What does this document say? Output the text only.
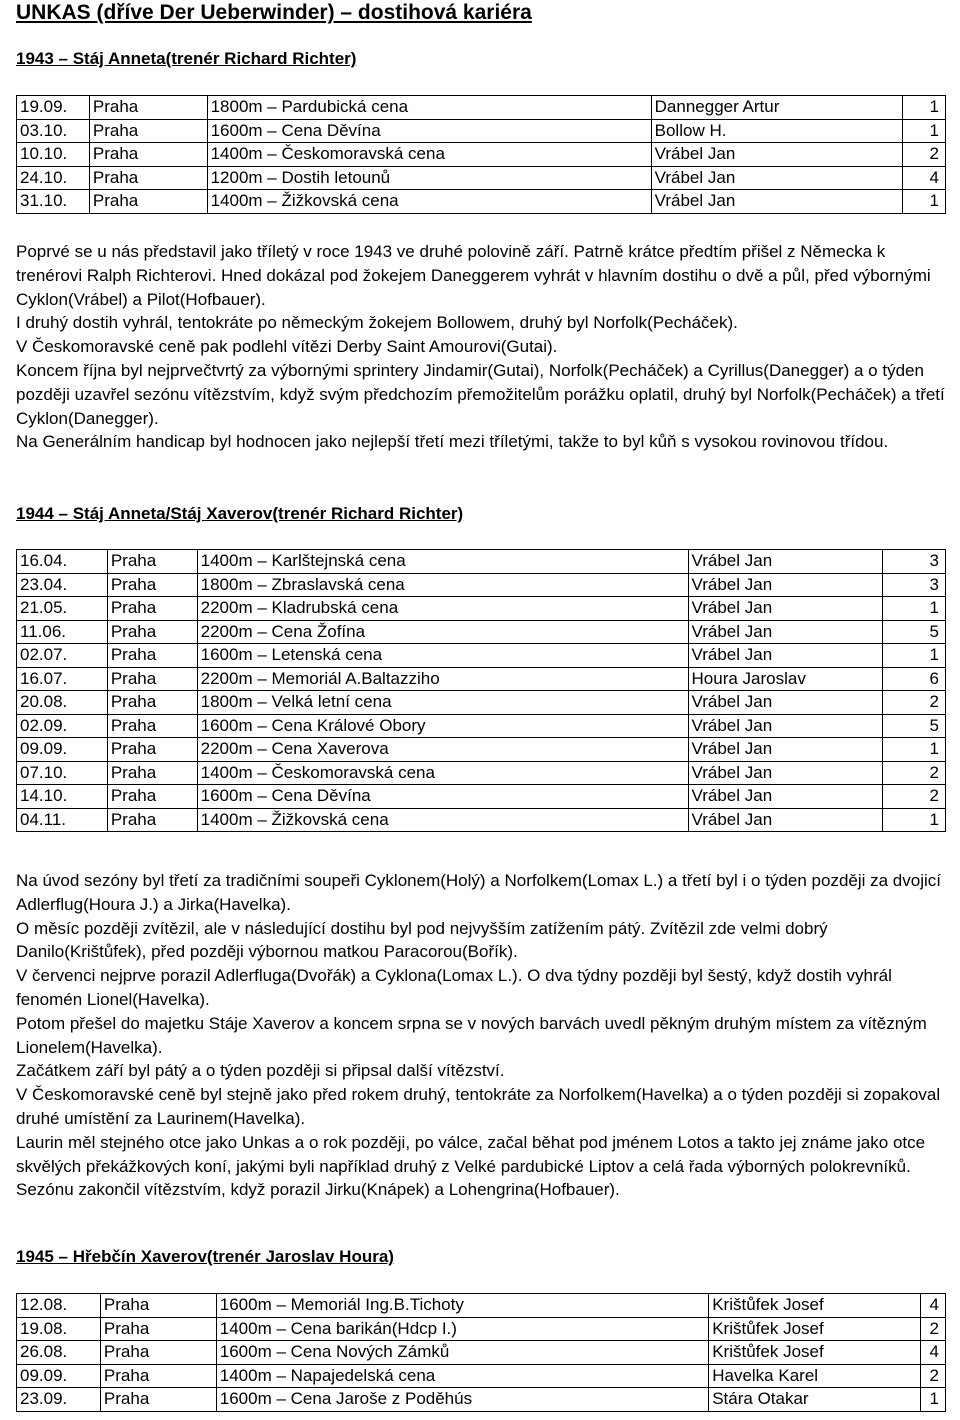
UNKAS (dříve Der Ueberwinder) – dostihová kariéra
1943 – Stáj Anneta(trenér Richard Richter)
19.09.	Praha	1800m – Pardubická cena	Dannegger Artur	1
03.10.	Praha	1600m – Cena Děvína	Bollow H.	1
10.10.	Praha	1400m – Českomoravská cena	Vrábel Jan	2
24.10.	Praha	1200m – Dostih letounů	Vrábel Jan	4
31.10.	Praha	1400m – Žižkovská cena	Vrábel Jan	1

Poprvé se u nás představil jako tříletý v roce 1943 ve druhé polovině září. Patrně krátce předtím přišel z Německa k trenérovi Ralph Richterovi. Hned dokázal pod žokejem Daneggerem vyhrát v hlavním dostihu o dvě a půl, před výbornými Cyklon(Vrábel) a Pilot(Hofbauer).

I druhý dostih vyhrál, tentokráte po německým žokejem Bollowem, druhý byl Norfolk(Pecháček).

V Českomoravské ceně pak podlehl vítězi Derby Saint Amourovi(Gutai).

Koncem října byl nejprvečtvrtý za výbornými sprintery Jindamir(Gutai), Norfolk(Pecháček) a Cyrillus(Danegger) a o týden později uzavřel sezónu vítězstvím, když svým předchozím přemožitelům porážku oplatil, druhý byl Norfolk(Pecháček) a třetí Cyklon(Danegger).

Na Generálním handicap byl hodnocen jako nejlepší třetí mezi tříletými, takže to byl kůň s vysokou rovinovou třídou.

1944 – Stáj Anneta/Stáj Xaverov(trenér Richard Richter)
16.04.	Praha	1400m – Karlštejnská cena	Vrábel Jan	3
23.04.	Praha	1800m – Zbraslavská cena	Vrábel Jan	3
21.05.	Praha	2200m – Kladrubská cena	Vrábel Jan	1
11.06.	Praha	2200m – Cena Žofína	Vrábel Jan	5
02.07.	Praha	1600m – Letenská cena	Vrábel Jan	1
16.07.	Praha	2200m – Memoriál A.Baltazziho	Houra Jaroslav	6
20.08.	Praha	1800m – Velká letní cena	Vrábel Jan	2
02.09.	Praha	1600m – Cena Králové Obory	Vrábel Jan	5
09.09.	Praha	2200m – Cena Xaverova	Vrábel Jan	1
07.10.	Praha	1400m – Českomoravská cena	Vrábel Jan	2
14.10.	Praha	1600m – Cena Děvína	Vrábel Jan	2
04.11.	Praha	1400m – Žižkovská cena	Vrábel Jan	1

Na úvod sezóny byl třetí za tradičními soupeři Cyklonem(Holý) a Norfolkem(Lomax L.) a třetí byl i o týden později za dvojicí Adlerflug(Houra J.) a Jirka(Havelka).

O měsíc později zvítězil, ale v následující dostihu byl pod nejvyšším zatížením pátý. Zvítězil zde velmi dobrý Danilo(Krištůfek), před později výbornou matkou Paracorou(Bořík).

V červenci nejprve porazil Adlerfluga(Dvořák) a Cyklona(Lomax L.). O dva týdny později byl šestý, když dostih vyhrál fenomén Lionel(Havelka).

Potom přešel do majetku Stáje Xaverov a koncem srpna se v nových barvách uvedl pěkným druhým místem za vítězným Lionelem(Havelka).

Začátkem září byl pátý a o týden později si připsal další vítězství.

V Českomoravské ceně byl stejně jako před rokem druhý, tentokráte za Norfolkem(Havelka) a o týden později si zopakoval druhé umístění za Laurinem(Havelka).

Laurin měl stejného otce jako Unkas a o rok později, po válce, začal běhat pod jménem Lotos a takto jej známe jako otce skvělých překážkových koní, jakými byli například druhý z Velké pardubické Liptov a celá řada výborných polokrevníků.

Sezónu zakončil vítězstvím, když porazil Jirku(Knápek) a Lohengrina(Hofbauer).

1945 – Hřebčín Xaverov(trenér Jaroslav Houra)
12.08.	Praha	1600m – Memoriál Ing.B.Tichoty	Krištůfek Josef	4
19.08.	Praha	1400m – Cena barikán(Hdcp I.)	Krištůfek Josef	2
26.08.	Praha	1600m – Cena Nových Zámků	Krištůfek Josef	4
09.09.	Praha	1400m – Napajedelská cena	Havelka Karel	2
23.09.	Praha	1600m – Cena Jaroše z Poděhús	Stára Otakar	1
